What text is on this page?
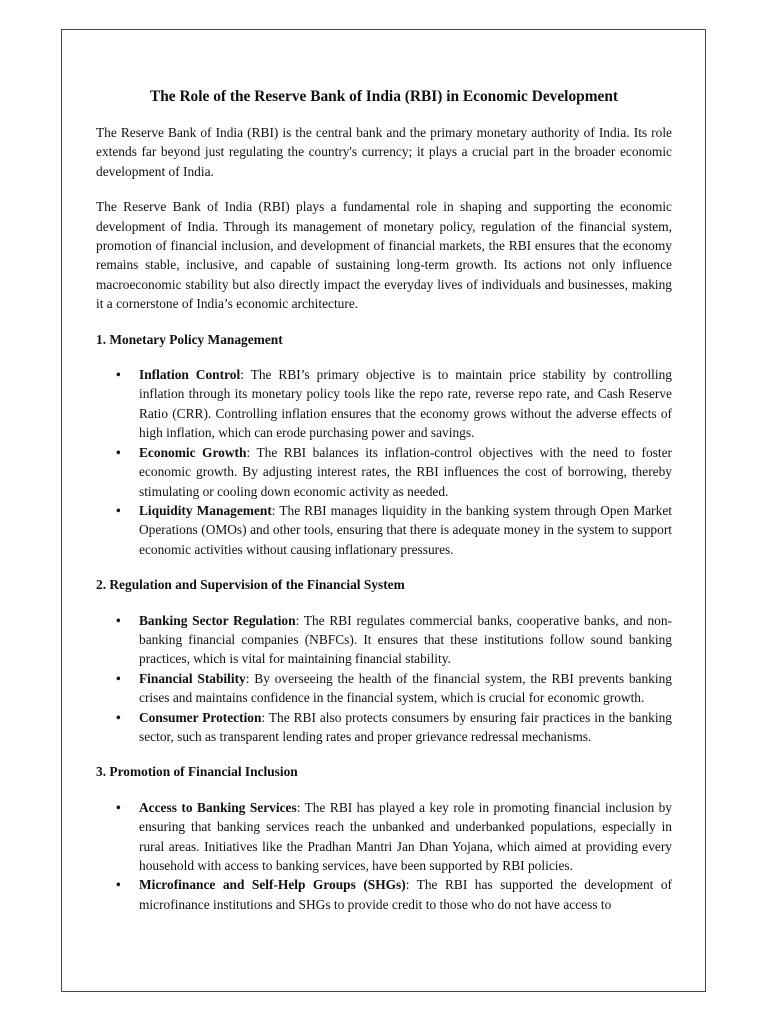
The Role of the Reserve Bank of India (RBI) in Economic Development

The Reserve Bank of India (RBI) is the central bank and the primary monetary authority of India. Its role extends far beyond just regulating the country's currency; it plays a crucial part in the broader economic development of India.

The Reserve Bank of India (RBI) plays a fundamental role in shaping and supporting the economic development of India. Through its management of monetary policy, regulation of the financial system, promotion of financial inclusion, and development of financial markets, the RBI ensures that the economy remains stable, inclusive, and capable of sustaining long-term growth. Its actions not only influence macroeconomic stability but also directly impact the everyday lives of individuals and businesses, making it a cornerstone of India’s economic architecture.

1. Monetary Policy Management
• Inflation Control: The RBI’s primary objective is to maintain price stability by controlling inflation through its monetary policy tools like the repo rate, reverse repo rate, and Cash Reserve Ratio (CRR). Controlling inflation ensures that the economy grows without the adverse effects of high inflation, which can erode purchasing power and savings.
• Economic Growth: The RBI balances its inflation-control objectives with the need to foster economic growth. By adjusting interest rates, the RBI influences the cost of borrowing, thereby stimulating or cooling down economic activity as needed.
• Liquidity Management: The RBI manages liquidity in the banking system through Open Market Operations (OMOs) and other tools, ensuring that there is adequate money in the system to support economic activities without causing inflationary pressures.
2. Regulation and Supervision of the Financial System
• Banking Sector Regulation: The RBI regulates commercial banks, cooperative banks, and non-banking financial companies (NBFCs). It ensures that these institutions follow sound banking practices, which is vital for maintaining financial stability.
• Financial Stability: By overseeing the health of the financial system, the RBI prevents banking crises and maintains confidence in the financial system, which is crucial for economic growth.
• Consumer Protection: The RBI also protects consumers by ensuring fair practices in the banking sector, such as transparent lending rates and proper grievance redressal mechanisms.
3. Promotion of Financial Inclusion
• Access to Banking Services: The RBI has played a key role in promoting financial inclusion by ensuring that banking services reach the unbanked and underbanked populations, especially in rural areas. Initiatives like the Pradhan Mantri Jan Dhan Yojana, which aimed at providing every household with access to banking services, have been supported by RBI policies.
• Microfinance and Self-Help Groups (SHGs): The RBI has supported the development of microfinance institutions and SHGs to provide credit to those who do not have access to
